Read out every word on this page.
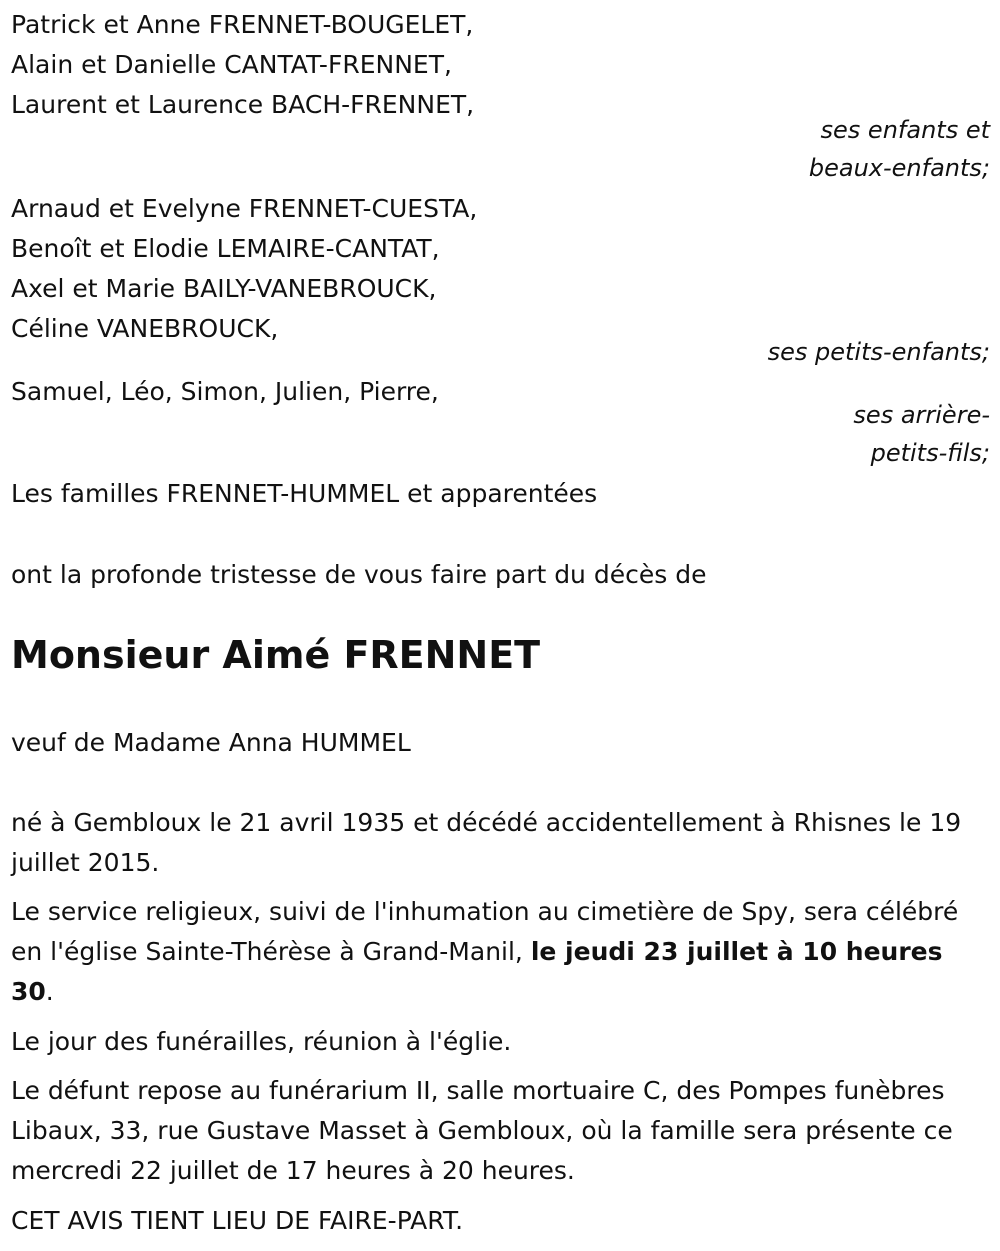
Patrick et Anne FRENNET-BOUGELET,
Alain et Danielle CANTAT-FRENNET,
Laurent et Laurence BACH-FRENNET,
ses enfants et
beaux-enfants;
Arnaud et Evelyne FRENNET-CUESTA,
Benoît et Elodie LEMAIRE-CANTAT,
Axel et Marie BAILY-VANEBROUCK,
Céline VANEBROUCK,
ses petits-enfants;
Samuel, Léo, Simon, Julien, Pierre,
ses arrière-
petits-fils;
Les familles FRENNET-HUMMEL et apparentées
ont la profonde tristesse de vous faire part du décès de
Monsieur Aimé FRENNET
veuf de Madame Anna HUMMEL

né à Gembloux le 21 avril 1935 et décédé accidentellement à Rhisnes le 19 juillet 2015.

Le service religieux, suivi de l'inhumation au cimetière de Spy, sera célébré en l'église Sainte-Thérèse à Grand-Manil, le jeudi 23 juillet à 10 heures 30.

Le jour des funérailles, réunion à l'églie.

Le défunt repose au funérarium II, salle mortuaire C, des Pompes funèbres Libaux, 33, rue Gustave Masset à Gembloux, où la famille sera présente ce mercredi 22 juillet de 17 heures à 20 heures.

CET AVIS TIENT LIEU DE FAIRE-PART.
